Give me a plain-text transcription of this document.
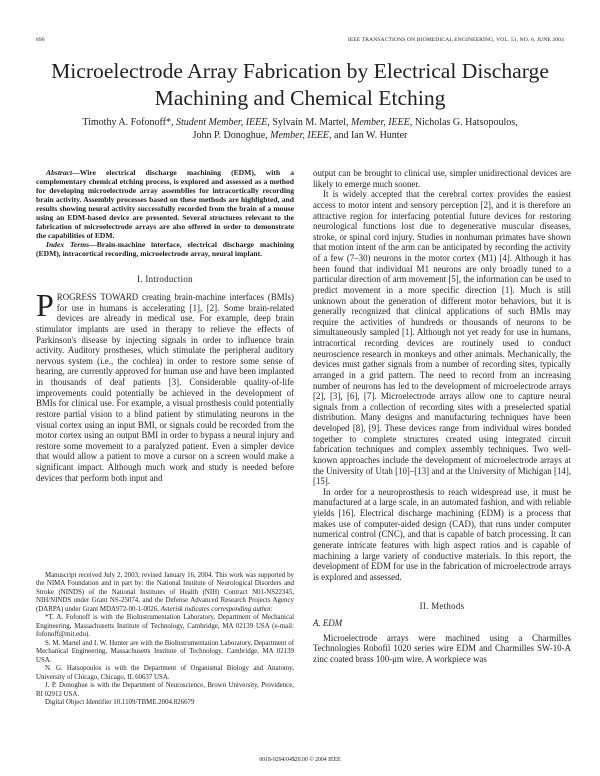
890	IEEE TRANSACTIONS ON BIOMEDICAL ENGINEERING, VOL. 51, NO. 6, JUNE 2004
Microelectrode Array Fabrication by Electrical Discharge Machining and Chemical Etching
Timothy A. Fofonoff*, Student Member, IEEE, Sylvain M. Martel, Member, IEEE, Nicholas G. Hatsopoulos,
John P. Donoghue, Member, IEEE, and Ian W. Hunter

Abstract—Wire electrical discharge machining (EDM), with a complementary chemical etching process, is explored and assessed as a method for developing microelectrode array assemblies for intracortically recording brain activity. Assembly processes based on these methods are highlighted, and results showing neural activity successfully recorded from the brain of a mouse using an EDM-based device are presented. Several structures relevant to the fabrication of microelectrode arrays are also offered in order to demonstrate the capabilities of EDM.

Index Terms—Brain-machine interface, electrical discharge machining (EDM), intracortical recording, microelectrode array, neural implant.

I. Introduction

PROGRESS TOWARD creating brain-machine interfaces (BMIs) for use in humans is accelerating [1], [2]. Some brain-related devices are already in medical use. For example, deep brain stimulator implants are used in therapy to relieve the effects of Parkinson's disease by injecting signals in order to influence brain activity. Auditory prostheses, which stimulate the peripheral auditory nervous system (i.e., the cochlea) in order to restore some sense of hearing, are currently approved for human use and have been implanted in thousands of deaf patients [3]. Considerable quality-of-life improvements could potentially be achieved in the development of BMIs for clinical use. For example, a visual prosthesis could potentially restore partial vision to a blind patient by stimulating neurons in the visual cortex using an input BMI, or signals could be recorded from the motor cortex using an output BMI in order to bypass a neural injury and restore some movement to a paralyzed patient. Even a simpler device that would allow a patient to move a cursor on a screen would make a significant impact. Although much work and study is needed before devices that perform both input and

Manuscript received July 2, 2003; revised January 16, 2004. This work was supported by the NIMA Foundation and in part by: the National Institute of Neurological Disorders and Stroke (NINDS) of the National Institutes of Health (NIH) Contract N01-NS22345, NIH/NINDS under Grant NS-25074, and the Defense Advanced Research Projects Agency (DARPA) under Grant MDA972-00-1-0026. Asterisk indicates corresponding author.

*T. A. Fofonoff is with the BioInstrumentation Laboratory, Department of Mechanical Engineering, Massachusetts Institute of Technology, Cambridge, MA 02139 USA (e-mail: fofonoff@mit.edu).

S. M. Martel and I. W. Hunter are with the BioInstrumentation Laboratory, Department of Mechanical Engineering, Massachusetts Institute of Technology, Cambridge, MA 02139 USA.

N. G. Hatsopoulos is with the Department of Organismal Biology and Anatomy, University of Chicago, Chicago, IL 60637 USA.

J. P. Donoghue is with the Department of Neuroscience, Brown University, Providence, RI 02912 USA.

Digital Object Identifier 10.1109/TBME.2004.826679

output can be brought to clinical use, simpler unidirectional devices are likely to emerge much sooner.

It is widely accepted that the cerebral cortex provides the easiest access to motor intent and sensory perception [2], and it is therefore an attractive region for interfacing potential future devices for restoring neurological functions lost due to degenerative muscular diseases, stroke, or spinal cord injury. Studies in nonhuman primates have shown that motion intent of the arm can be anticipated by recording the activity of a few (7–30) neurons in the motor cortex (M1) [4]. Although it has been found that individual M1 neurons are only broadly tuned to a particular direction of arm movement [5], the information can be used to predict movement in a more specific direction [1]. Much is still unknown about the generation of different motor behaviors, but it is generally recognized that clinical applications of such BMIs may require the activities of hundreds or thousands of neurons to be simultaneously sampled [1]. Although not yet ready for use in humans, intracortical recording devices are routinely used to conduct neuroscience research in monkeys and other animals. Mechanically, the devices must gather signals from a number of recording sites, typically arranged in a grid pattern. The need to record from an increasing number of neurons has led to the development of microelectrode arrays [2], [3], [6], [7]. Microelectrode arrays allow one to capture neural signals from a collection of recording sites with a preselected spatial distribution. Many designs and manufacturing techniques have been developed [8], [9]. These devices range from individual wires bonded together to complete structures created using integrated circuit fabrication techniques and complex assembly techniques. Two well-known approaches include the development of microelectrode arrays at the University of Utah [10]–[13] and at the University of Michigan [14], [15].

In order for a neuroprosthesis to reach widespread use, it must be manufactured at a large scale, in an automated fashion, and with reliable yields [16]. Electrical discharge machining (EDM) is a process that makes use of computer-aided design (CAD), that runs under computer numerical control (CNC), and that is capable of batch processing. It can generate intricate features with high aspect ratios and is capable of machining a large variety of conductive materials. In this report, the development of EDM for use in the fabrication of microelectrode arrays is explored and assessed.

II. Methods
A. EDM

Microelectrode arrays were machined using a Charmilles Technologies Robofil 1020 series wire EDM and Charmilles SW-10-A zinc coated brass 100-μm wire. A workpiece was

0018-9294/04$20.00 © 2004 IEEE
